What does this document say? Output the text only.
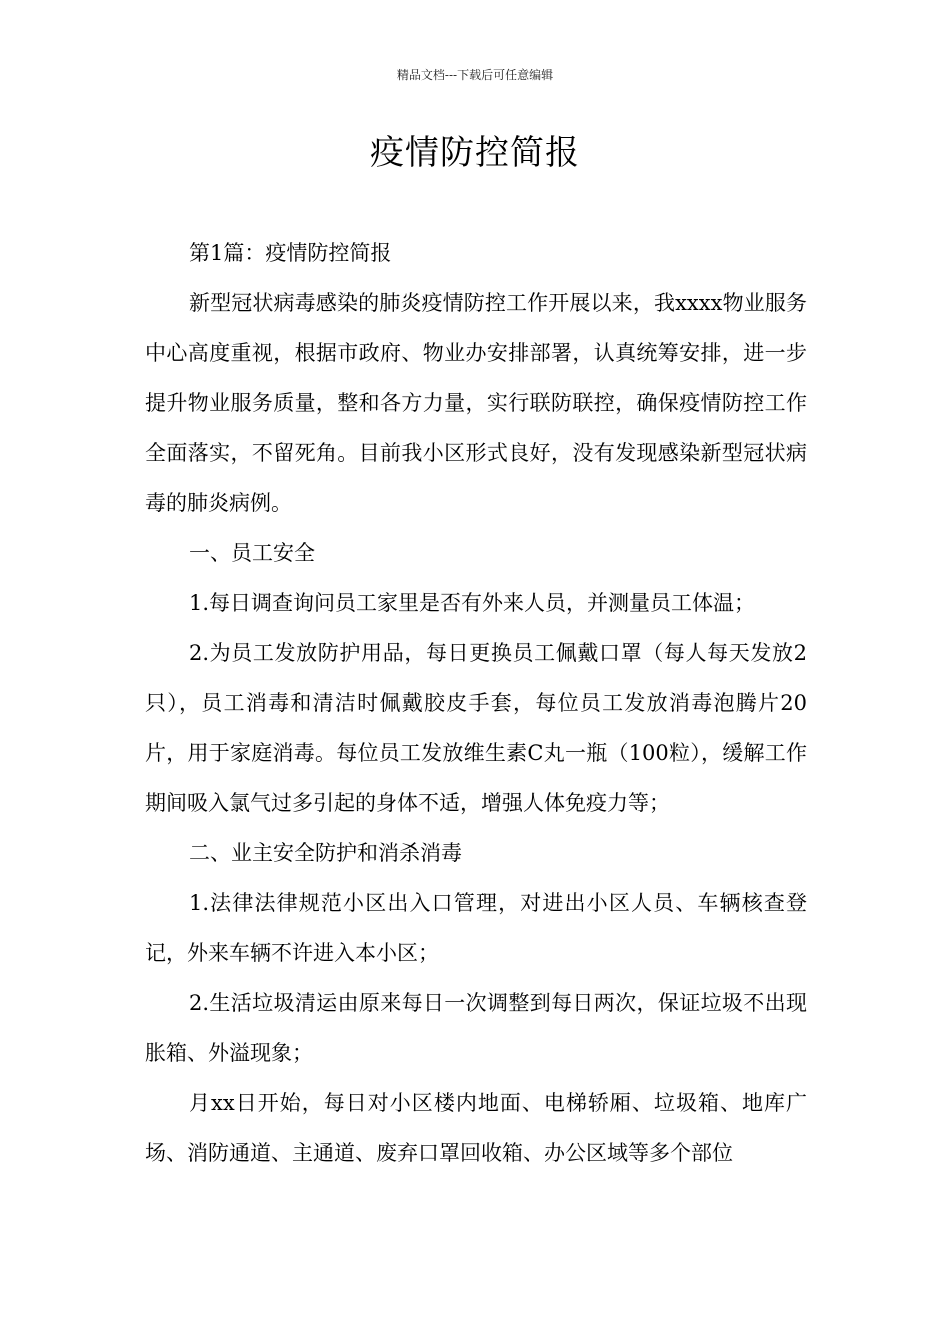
精品文档---下载后可任意编辑
疫情防控简报

第1篇：疫情防控简报

新型冠状病毒感染的肺炎疫情防控工作开展以来，我xxxx物业服务中心高度重视，根据市政府、物业办安排部署，认真统筹安排，进一步提升物业服务质量，整和各方力量，实行联防联控，确保疫情防控工作全面落实，不留死角。目前我小区形式良好，没有发现感染新型冠状病毒的肺炎病例。

一、员工安全

1.每日调查询问员工家里是否有外来人员，并测量员工体温；

2.为员工发放防护用品，每日更换员工佩戴口罩（每人每天发放2只），员工消毒和清洁时佩戴胶皮手套，每位员工发放消毒泡腾片20片，用于家庭消毒。每位员工发放维生素C丸一瓶（100粒），缓解工作期间吸入氯气过多引起的身体不适，增强人体免疫力等；

二、业主安全防护和消杀消毒

1.法律法律规范小区出入口管理，对进出小区人员、车辆核查登记，外来车辆不许进入本小区；

2.生活垃圾清运由原来每日一次调整到每日两次，保证垃圾不出现胀箱、外溢现象；

月xx日开始，每日对小区楼内地面、电梯轿厢、垃圾箱、地库广场、消防通道、主通道、废弃口罩回收箱、办公区域等多个部位
